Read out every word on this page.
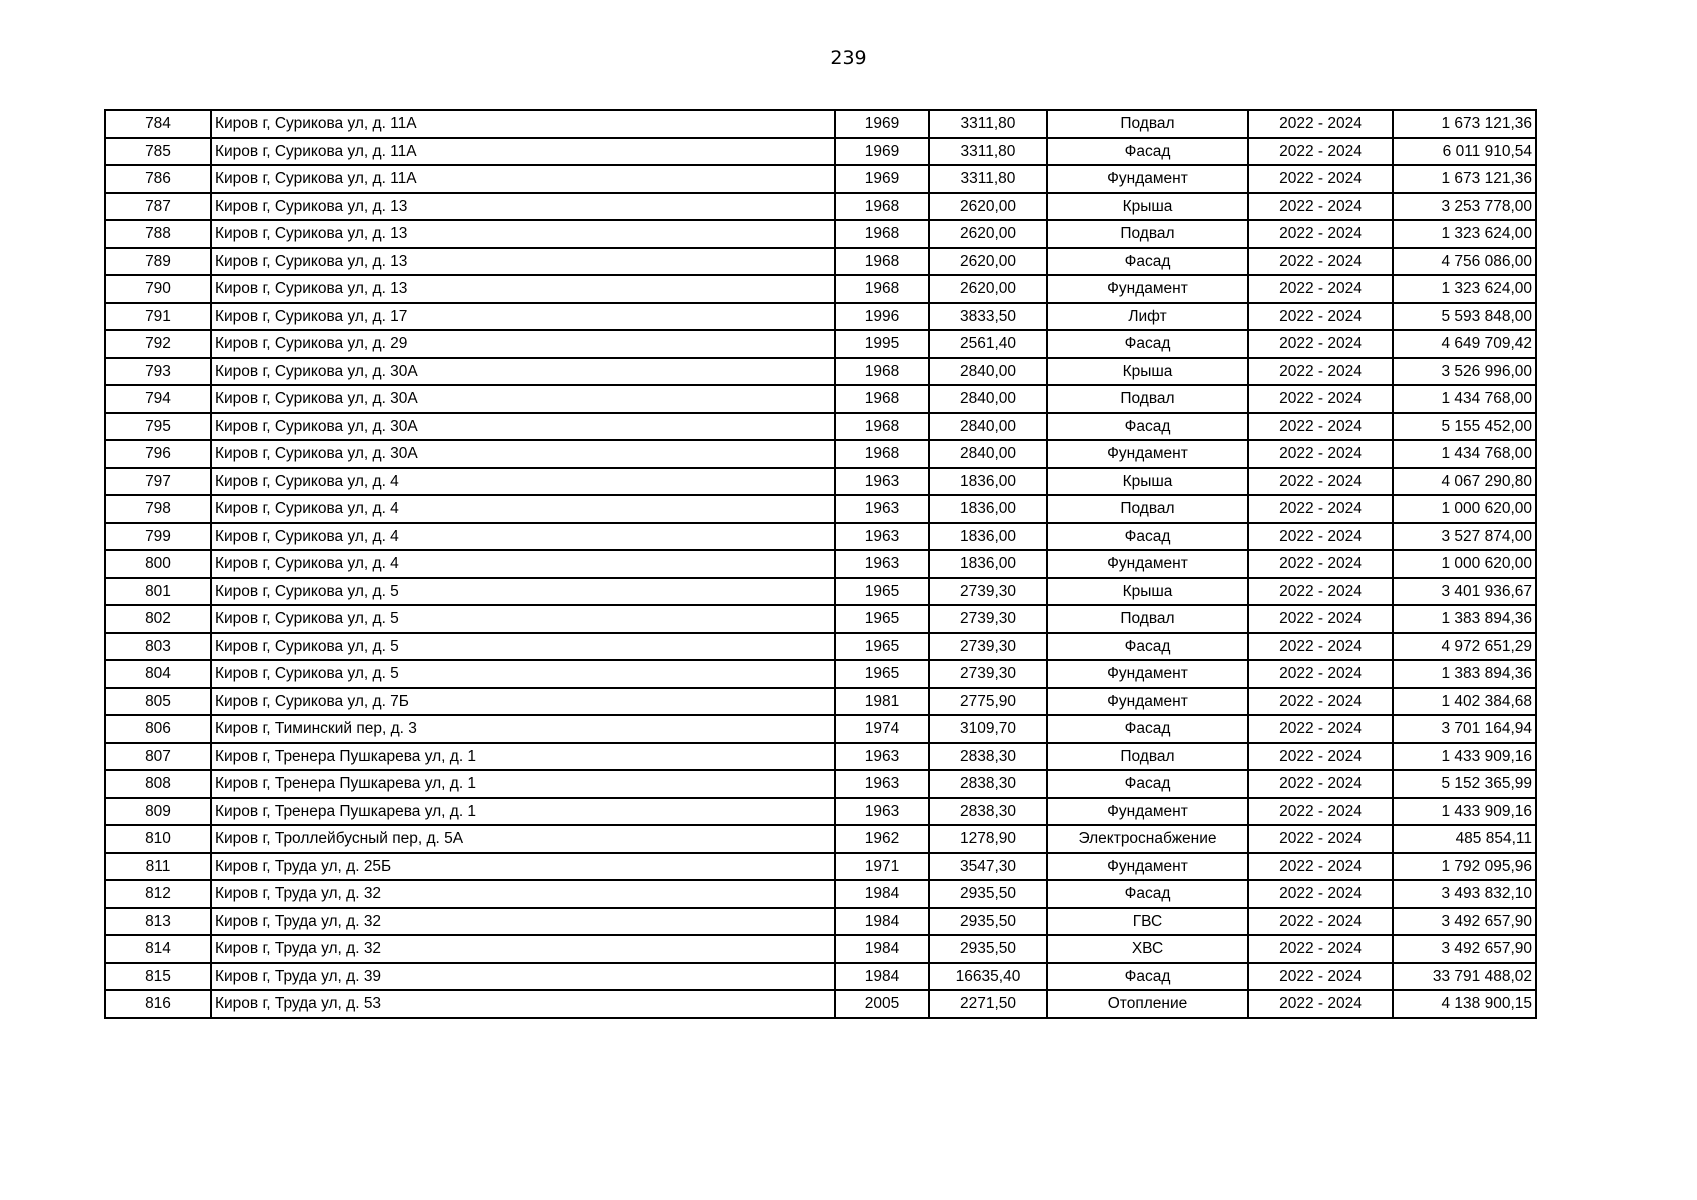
239
784	Киров г, Сурикова ул, д. 11А	1969	3311,80	Подвал	2022 - 2024	1 673 121,36
785	Киров г, Сурикова ул, д. 11А	1969	3311,80	Фасад	2022 - 2024	6 011 910,54
786	Киров г, Сурикова ул, д. 11А	1969	3311,80	Фундамент	2022 - 2024	1 673 121,36
787	Киров г, Сурикова ул, д. 13	1968	2620,00	Крыша	2022 - 2024	3 253 778,00
788	Киров г, Сурикова ул, д. 13	1968	2620,00	Подвал	2022 - 2024	1 323 624,00
789	Киров г, Сурикова ул, д. 13	1968	2620,00	Фасад	2022 - 2024	4 756 086,00
790	Киров г, Сурикова ул, д. 13	1968	2620,00	Фундамент	2022 - 2024	1 323 624,00
791	Киров г, Сурикова ул, д. 17	1996	3833,50	Лифт	2022 - 2024	5 593 848,00
792	Киров г, Сурикова ул, д. 29	1995	2561,40	Фасад	2022 - 2024	4 649 709,42
793	Киров г, Сурикова ул, д. 30А	1968	2840,00	Крыша	2022 - 2024	3 526 996,00
794	Киров г, Сурикова ул, д. 30А	1968	2840,00	Подвал	2022 - 2024	1 434 768,00
795	Киров г, Сурикова ул, д. 30А	1968	2840,00	Фасад	2022 - 2024	5 155 452,00
796	Киров г, Сурикова ул, д. 30А	1968	2840,00	Фундамент	2022 - 2024	1 434 768,00
797	Киров г, Сурикова ул, д. 4	1963	1836,00	Крыша	2022 - 2024	4 067 290,80
798	Киров г, Сурикова ул, д. 4	1963	1836,00	Подвал	2022 - 2024	1 000 620,00
799	Киров г, Сурикова ул, д. 4	1963	1836,00	Фасад	2022 - 2024	3 527 874,00
800	Киров г, Сурикова ул, д. 4	1963	1836,00	Фундамент	2022 - 2024	1 000 620,00
801	Киров г, Сурикова ул, д. 5	1965	2739,30	Крыша	2022 - 2024	3 401 936,67
802	Киров г, Сурикова ул, д. 5	1965	2739,30	Подвал	2022 - 2024	1 383 894,36
803	Киров г, Сурикова ул, д. 5	1965	2739,30	Фасад	2022 - 2024	4 972 651,29
804	Киров г, Сурикова ул, д. 5	1965	2739,30	Фундамент	2022 - 2024	1 383 894,36
805	Киров г, Сурикова ул, д. 7Б	1981	2775,90	Фундамент	2022 - 2024	1 402 384,68
806	Киров г, Тиминский пер, д. 3	1974	3109,70	Фасад	2022 - 2024	3 701 164,94
807	Киров г, Тренера Пушкарева ул, д. 1	1963	2838,30	Подвал	2022 - 2024	1 433 909,16
808	Киров г, Тренера Пушкарева ул, д. 1	1963	2838,30	Фасад	2022 - 2024	5 152 365,99
809	Киров г, Тренера Пушкарева ул, д. 1	1963	2838,30	Фундамент	2022 - 2024	1 433 909,16
810	Киров г, Троллейбусный пер, д. 5А	1962	1278,90	Электроснабжение	2022 - 2024	485 854,11
811	Киров г, Труда ул, д. 25Б	1971	3547,30	Фундамент	2022 - 2024	1 792 095,96
812	Киров г, Труда ул, д. 32	1984	2935,50	Фасад	2022 - 2024	3 493 832,10
813	Киров г, Труда ул, д. 32	1984	2935,50	ГВС	2022 - 2024	3 492 657,90
814	Киров г, Труда ул, д. 32	1984	2935,50	ХВС	2022 - 2024	3 492 657,90
815	Киров г, Труда ул, д. 39	1984	16635,40	Фасад	2022 - 2024	33 791 488,02
816	Киров г, Труда ул, д. 53	2005	2271,50	Отопление	2022 - 2024	4 138 900,15
